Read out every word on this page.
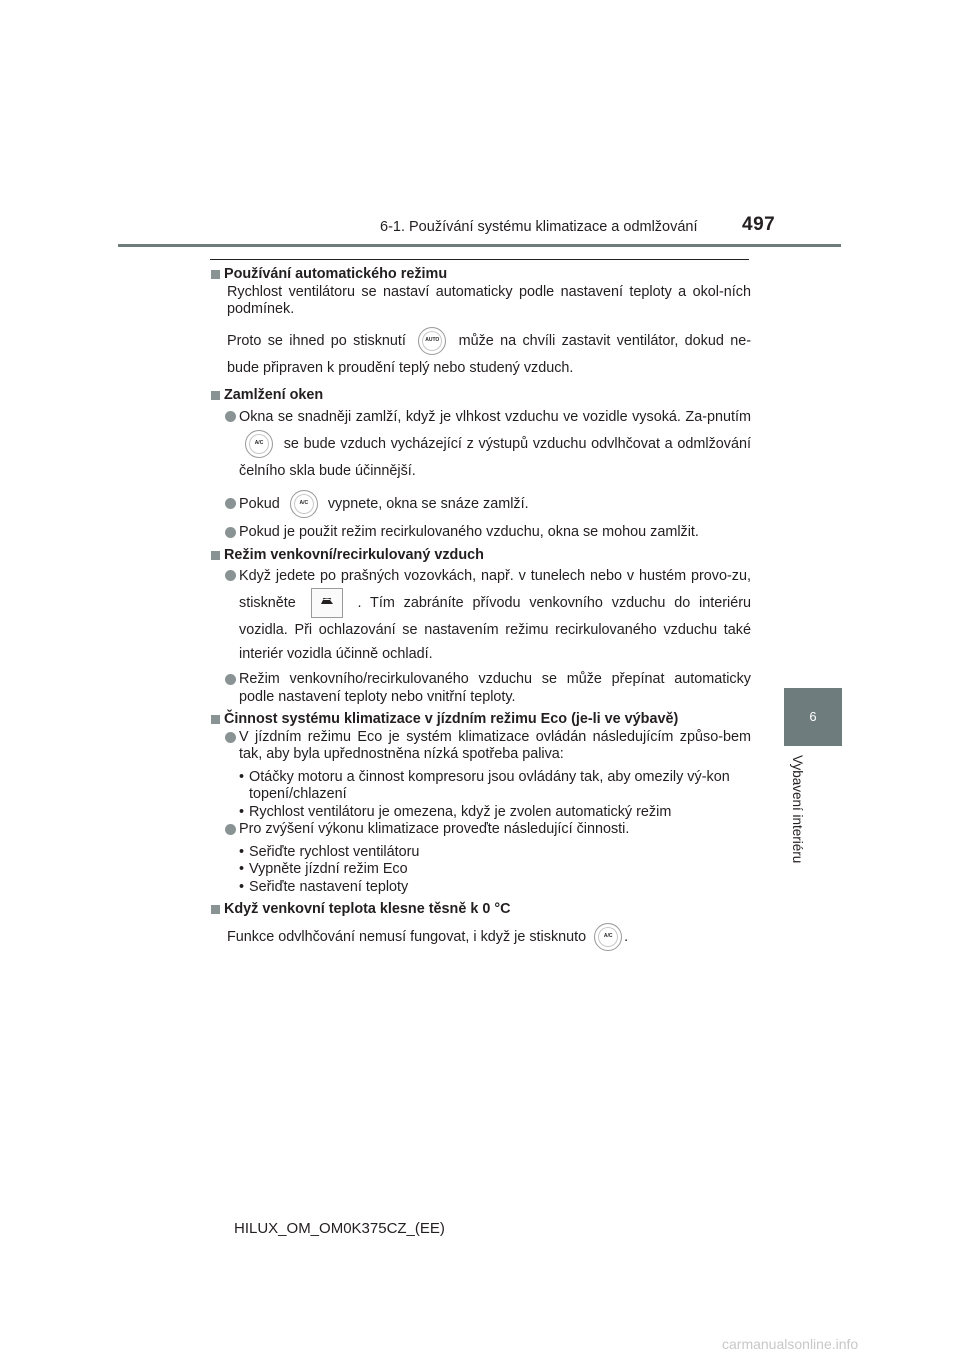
6-1. Používání systému klimatizace a odmlžování 497
6
Vybavení interiéru

Používání automatického režimu

Rychlost ventilátoru se nastaví automaticky podle nastavení teploty a okol-ních podmínek.

Proto se ihned po stisknutí	AUTO	může na chvíli zastavit ventilátor, dokud ne-bude připraven k proudění teplý nebo studený vzduch.

Zamlžení oken

Okna se snadněji zamlží, když je vlhkost vzduchu ve vozidle vysoká. Za-pnutím
A/C	se bude vzduch vycházející z výstupů vzduchu odvlhčovat a odmlžování čelního skla bude účinnější.

Pokud	A/C	vypnete, okna se snáze zamlží.

Pokud je použit režim recirkulovaného vzduchu, okna se mohou zamlžit.

Režim venkovní/recirkulovaný vzduch

Když jedete po prašných vozovkách, např. v tunelech nebo v hustém provo-zu, stiskněte	. Tím zabráníte přívodu venkovního vzduchu do interiéru vozidla. Při ochlazování se nastavením režimu recirkulovaného vzduchu také interiér vozidla účinně ochladí.

Režim venkovního/recirkulovaného vzduchu se může přepínat automaticky podle nastavení teploty nebo vnitřní teploty.

Činnost systému klimatizace v jízdním režimu Eco (je-li ve výbavě)

V jízdním režimu Eco je systém klimatizace ovládán následujícím způso-bem tak, aby byla upřednostněna nízká spotřeba paliva:

• Otáčky motoru a činnost kompresoru jsou ovládány tak, aby omezily vý-kon topení/chlazení

• Rychlost ventilátoru je omezena, když je zvolen automatický režim

Pro zvýšení výkonu klimatizace proveďte následující činnosti.

• Seřiďte rychlost ventilátoru

• Vypněte jízdní režim Eco

• Seřiďte nastavení teploty

Když venkovní teplota klesne těsně k 0 °C

Funkce odvlhčování nemusí fungovat, i když je stisknuto	A/C .

HILUX_OM_OM0K375CZ_(EE)
carmanualsonline.info
